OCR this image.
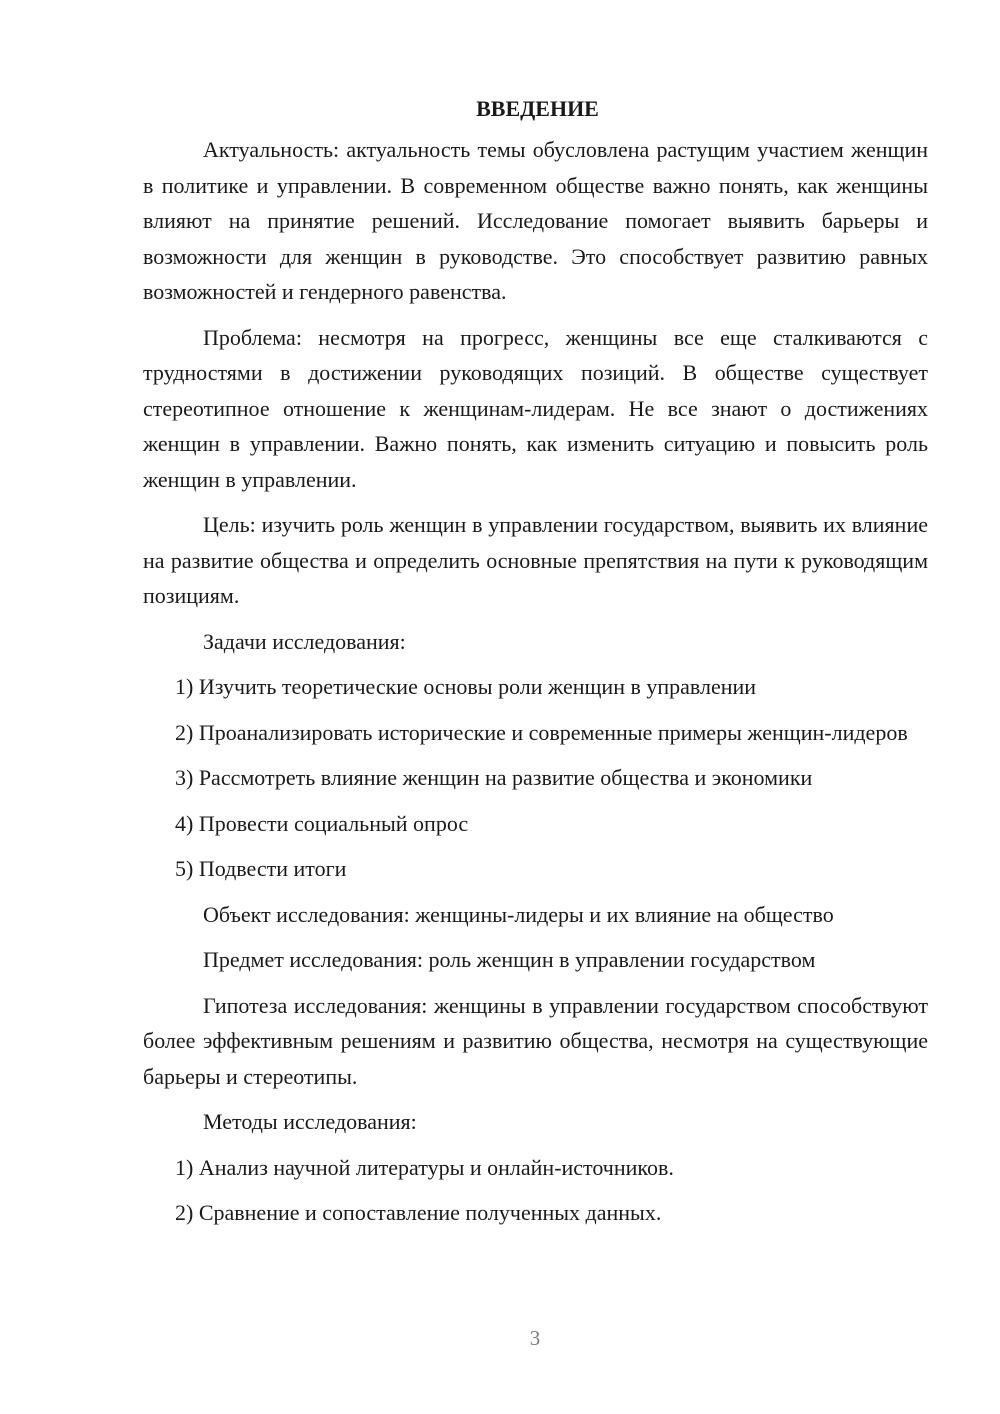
ВВЕДЕНИЕ

Актуальность: актуальность темы обусловлена растущим участием женщин в политике и управлении. В современном обществе важно понять, как женщины влияют на принятие решений. Исследование помогает выявить барьеры и возможности для женщин в руководстве. Это способствует развитию равных возможностей и гендерного равенства.

Проблема: несмотря на прогресс, женщины все еще сталкиваются с трудностями в достижении руководящих позиций. В обществе существует стереотипное отношение к женщинам-лидерам. Не все знают о достижениях женщин в управлении. Важно понять, как изменить ситуацию и повысить роль женщин в управлении.

Цель: изучить роль женщин в управлении государством, выявить их влияние на развитие общества и определить основные препятствия на пути к руководящим позициям.

Задачи исследования:

1) Изучить теоретические основы роли женщин в управлении

2) Проанализировать исторические и современные примеры женщин-лидеров

3) Рассмотреть влияние женщин на развитие общества и экономики

4) Провести социальный опрос

5) Подвести итоги

Объект исследования: женщины-лидеры и их влияние на общество

Предмет исследования: роль женщин в управлении государством

Гипотеза исследования: женщины в управлении государством способствуют более эффективным решениям и развитию общества, несмотря на существующие барьеры и стереотипы.

Методы исследования:

1) Анализ научной литературы и онлайн-источников.

2) Сравнение и сопоставление полученных данных.

3
